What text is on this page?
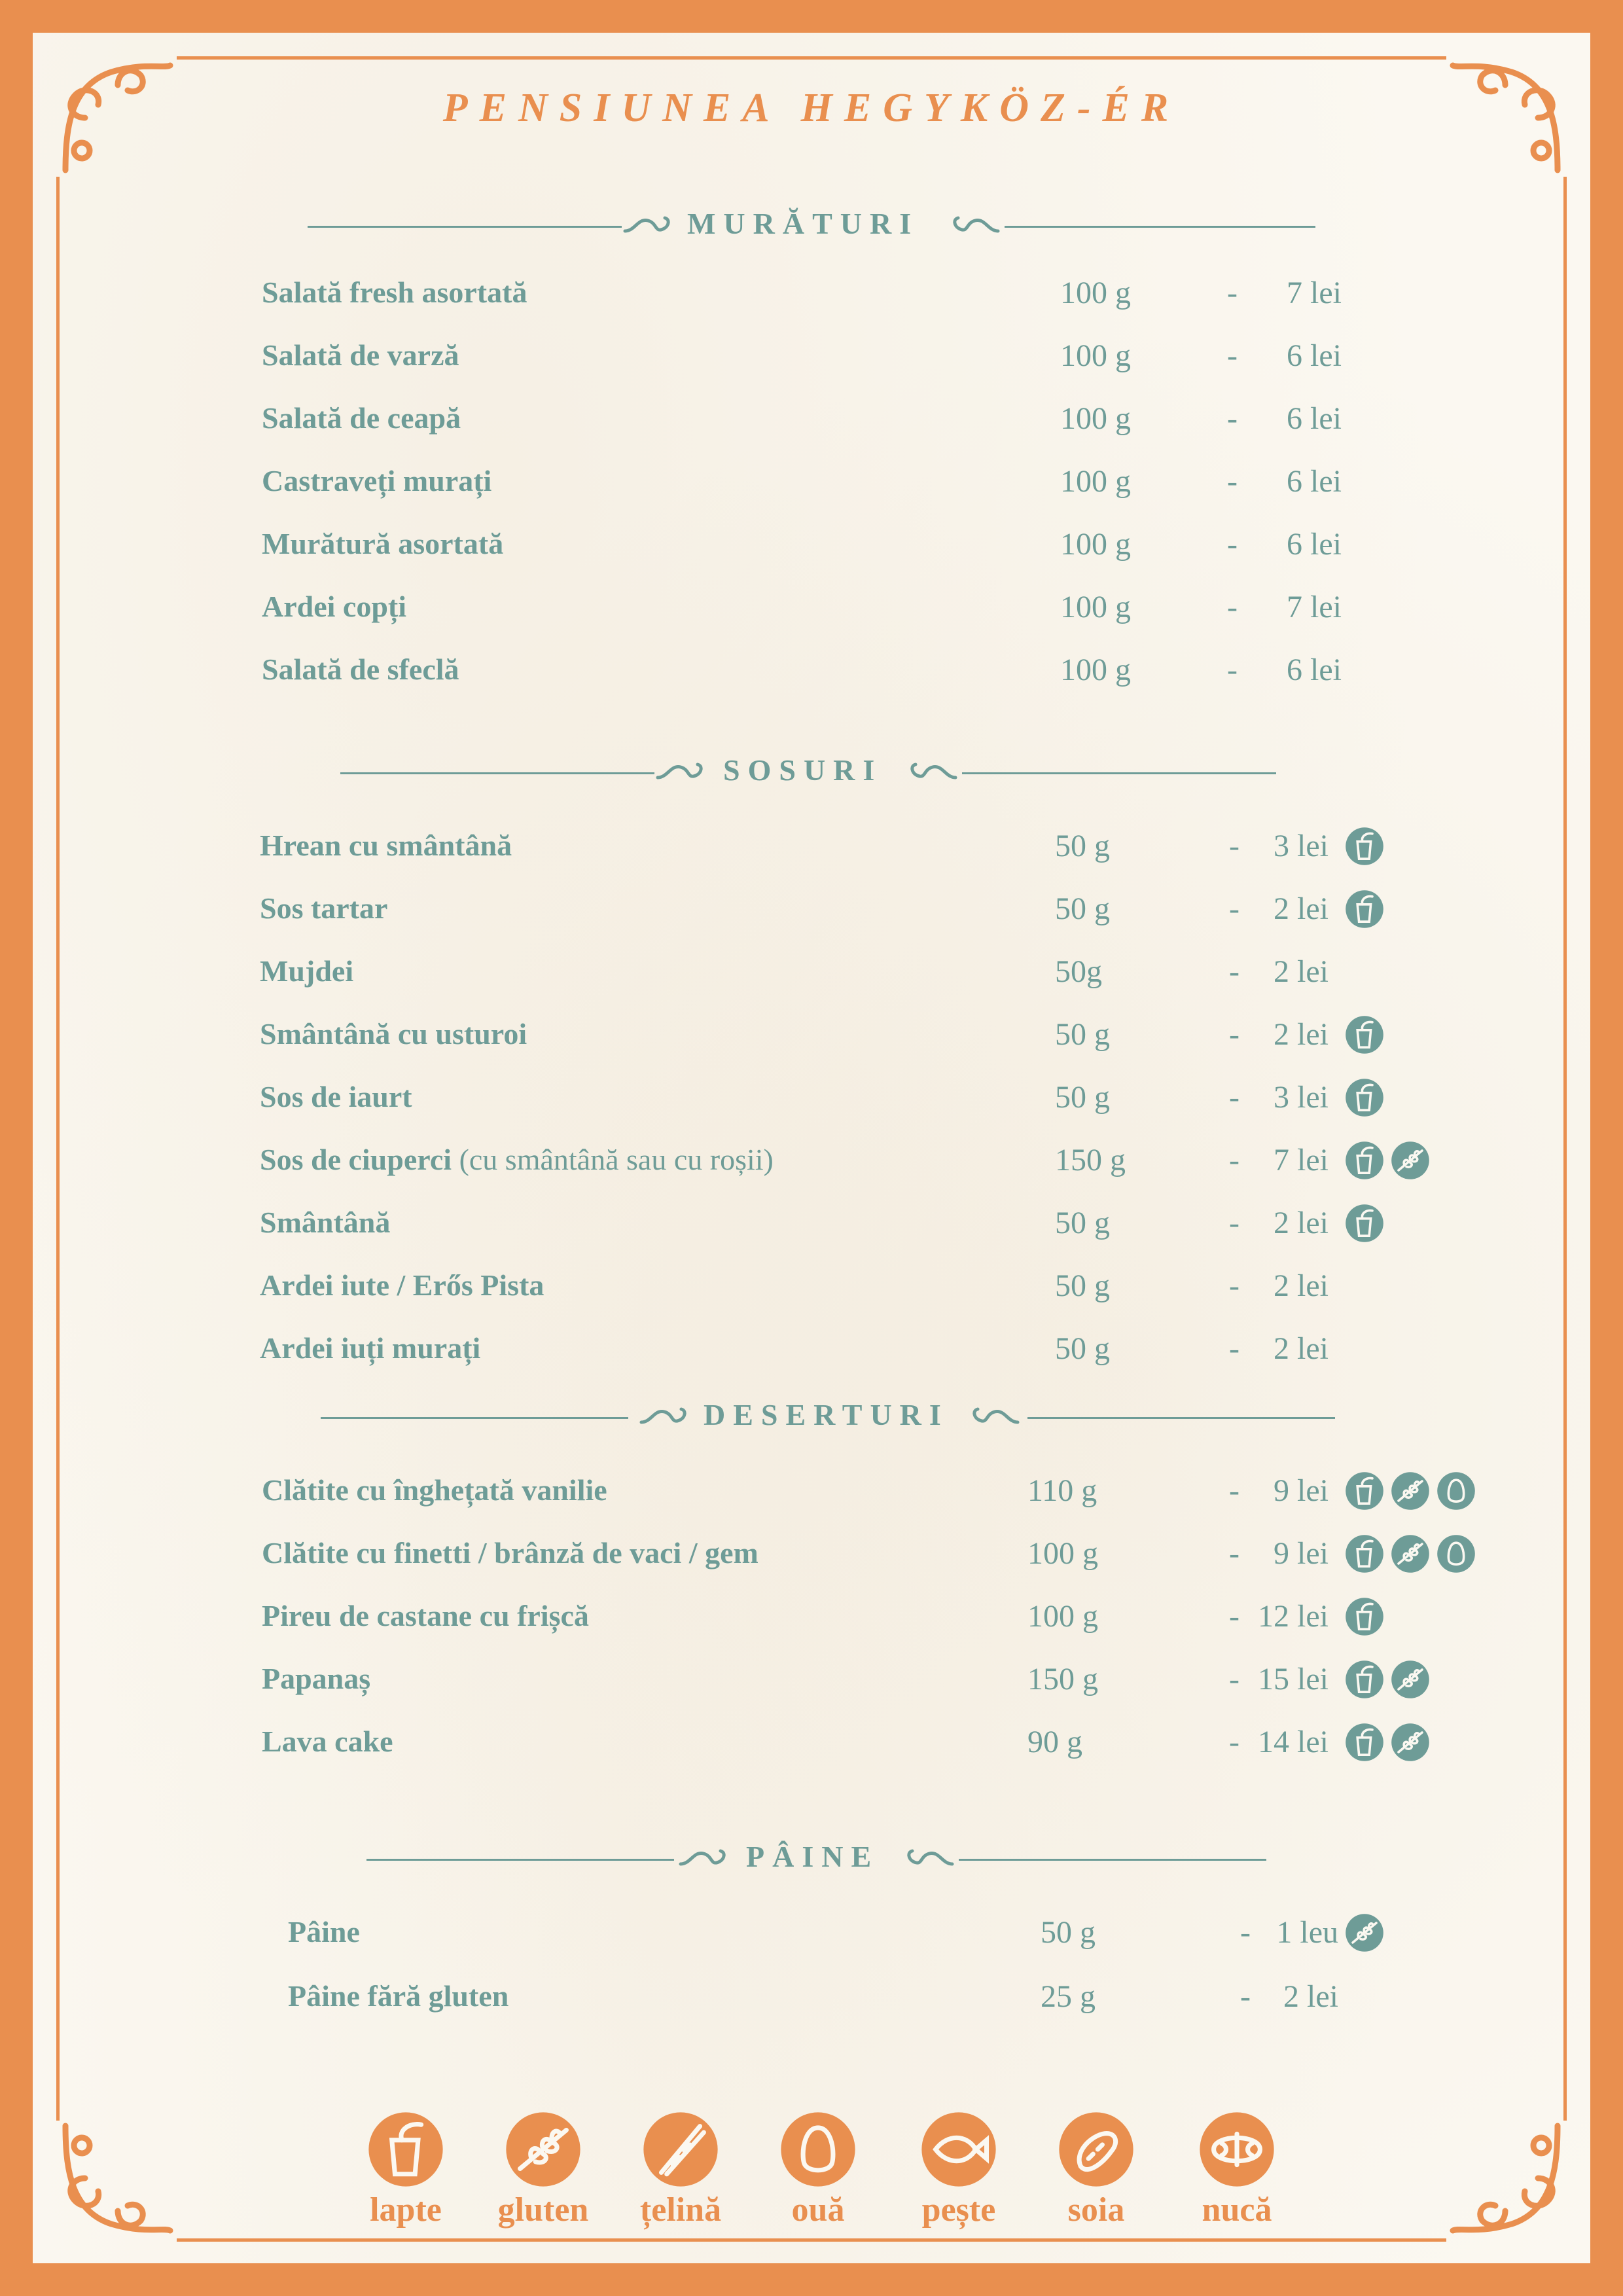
PENSIUNEA HEGYKÖZ-ÉR
MURĂTURI
Salată fresh asortată	100 g	-	7 lei
Salată de varză	100 g	-	6 lei
Salată de ceapă	100 g	-	6 lei
Castraveți murați	100 g	-	6 lei
Murătură asortată	100 g	-	6 lei
Ardei copți	100 g	-	7 lei
Salată de sfeclă	100 g	-	6 lei
SOSURI
Hrean cu smântână	50 g	-	3 lei
Sos tartar	50 g	-	2 lei
Mujdei	50g	-	2 lei
Smântână cu usturoi	50 g	-	2 lei
Sos de iaurt	50 g	-	3 lei
Sos de ciuperci (cu smântână sau cu roșii)	150 g	-	7 lei
Smântână	50 g	-	2 lei
Ardei iute / Erős Pista	50 g	-	2 lei
Ardei iuți murați	50 g	-	2 lei
DESERTURI
Clătite cu înghețată vanilie	110 g	-	9 lei
Clătite cu finetti / brânză de vaci / gem	100 g	-	9 lei
Pireu de castane cu frișcă	100 g	- 12 lei
Papanaș	150 g	- 15 lei
Lava cake	90 g	- 14 lei
PÂINE
Pâine	50 g	- 1 leu
Pâine fără gluten	25 g	-	2 lei
lapte	gluten	țelină	ouă	pește	soia	nucă
